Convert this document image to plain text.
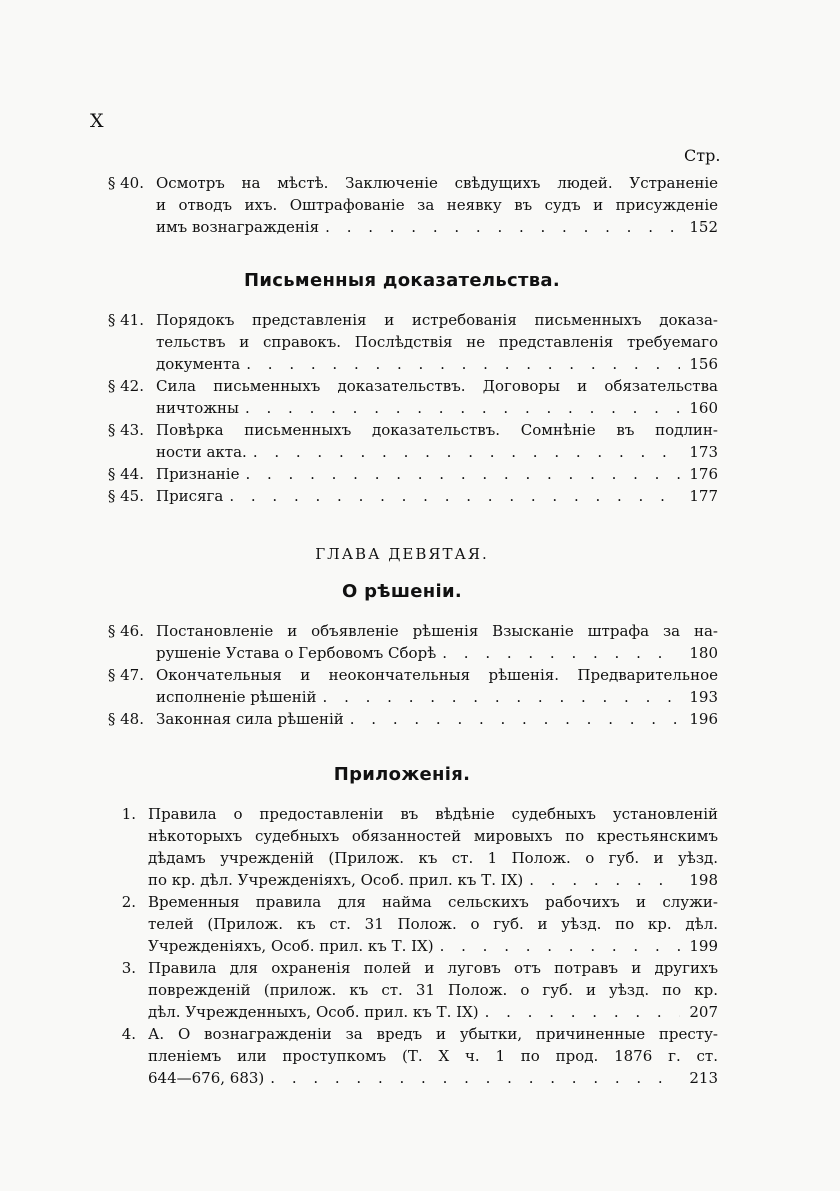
X
Стр.
§ 40. Осмотръ на мѣстѣ. Заключеніе свѣдущихъ людей. Устраненіе
и отводъ ихъ. Оштрафованіе за неявку въ судъ и присужденіе
имъ вознагражденія . . .	152
Письменныя доказательства.
§ 41. Порядокъ представленія и истребованія письменныхъ доказа-
тельствъ и справокъ. Послѣдствія не представленія требуемаго
документа . . .	156
§ 42. Сила письменныхъ доказательствъ. Договоры и обязательства
ничтожны . . .	160
§ 43. Повѣрка письменныхъ доказательствъ. Сомнѣніе въ подлин-
ности акта. . . .	173
§ 44. Признаніе . . .	176
§ 45. Присяга . . .	177
ГЛАВА ДЕВЯТАЯ.
О рѣшеніи.
§ 46. Постановленіе и объявленіе рѣшенія Взысканіе штрафа за на-
рушеніе Устава о Гербовомъ Сборѣ . . .	180
§ 47. Окончательныя и неокончательныя рѣшенія. Предварительное
исполненіе рѣшеній . . .	193
§ 48. Законная сила рѣшеній . . .	196
Приложенія.
1. Правила о предоставленіи въ вѣдѣніе судебныхъ установленій
нѣкоторыхъ судебныхъ обязанностей мировыхъ по крестьянскимъ
дѣдамъ учрежденій (Прилож. къ ст. 1 Полож. о губ. и уѣзд.
по кр. дѣл. Учрежденіяхъ, Особ. прил. къ Т. IX) . . .	198
2. Временныя правила для найма сельскихъ рабочихъ и служи-
телей (Прилож. къ ст. 31 Полож. о губ. и уѣзд. по кр. дѣл.
Учрежденіяхъ, Особ. прил. къ Т. IX) . . .	199
3. Правила для охраненія полей и луговъ отъ потравъ и другихъ
поврежденій (прилож. къ ст. 31 Полож. о губ. и уѣзд. по кр.
дѣл. Учрежденныхъ, Особ. прил. къ Т. IX) . . .	207
4. А. О вознагражденіи за вредъ и убытки, причиненные престу-
пленіемъ или проступкомъ (Т. X ч. 1 по прод. 1876 г. ст.
644—676, 683) . . .	213
